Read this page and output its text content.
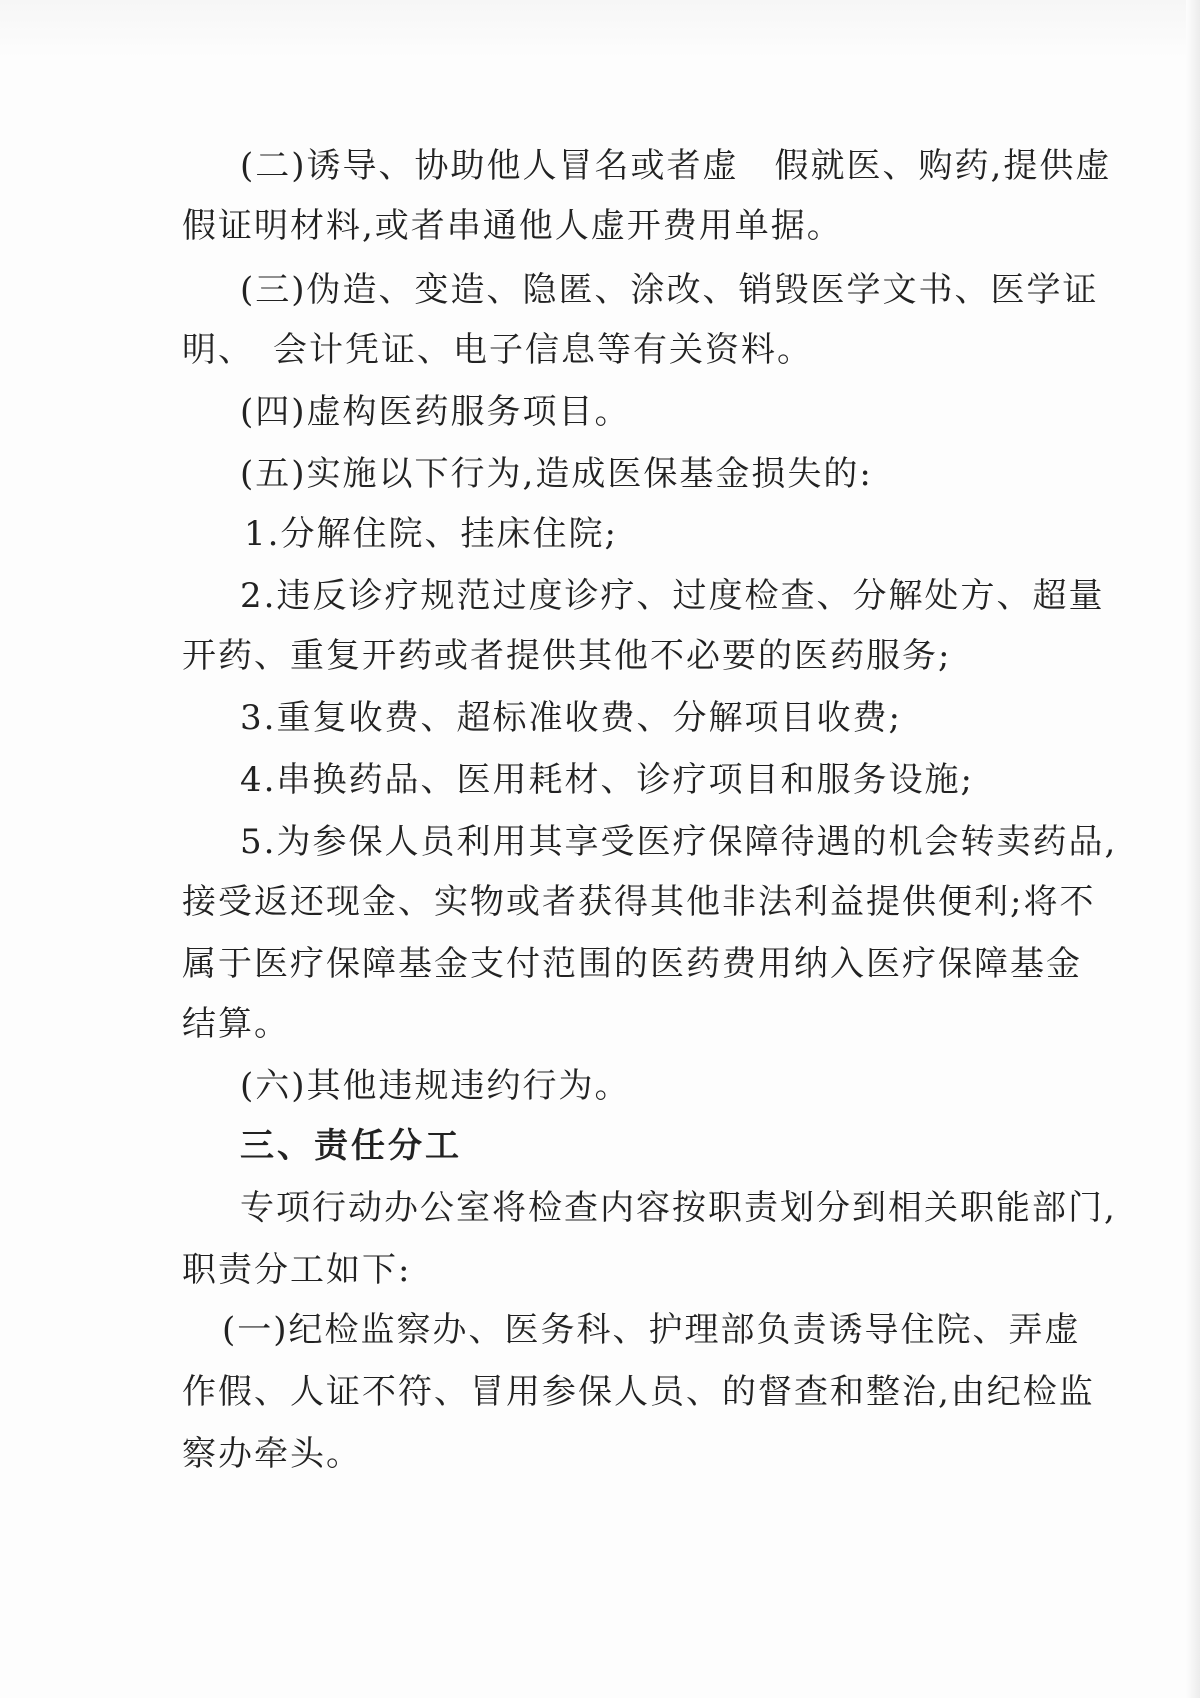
(二)诱导、协助他人冒名或者虚　假就医、购药,提供虚
假证明材料,或者串通他人虚开费用单据。
(三)伪造、变造、隐匿、涂改、销毁医学文书、医学证
明、　会计凭证、电子信息等有关资料。
(四)虚构医药服务项目。
(五)实施以下行为,造成医保基金损失的:
1.分解住院、挂床住院;
2.违反诊疗规范过度诊疗、过度检查、分解处方、超量
开药、重复开药或者提供其他不必要的医药服务;
3.重复收费、超标准收费、分解项目收费;
4.串换药品、医用耗材、诊疗项目和服务设施;
5.为参保人员利用其享受医疗保障待遇的机会转卖药品,
接受返还现金、实物或者获得其他非法利益提供便利;将不
属于医疗保障基金支付范围的医药费用纳入医疗保障基金
结算。
(六)其他违规违约行为。
三、责任分工
专项行动办公室将检查内容按职责划分到相关职能部门,
职责分工如下:
(一)纪检监察办、医务科、护理部负责诱导住院、弄虚
作假、人证不符、冒用参保人员、的督查和整治,由纪检监
察办牵头。
